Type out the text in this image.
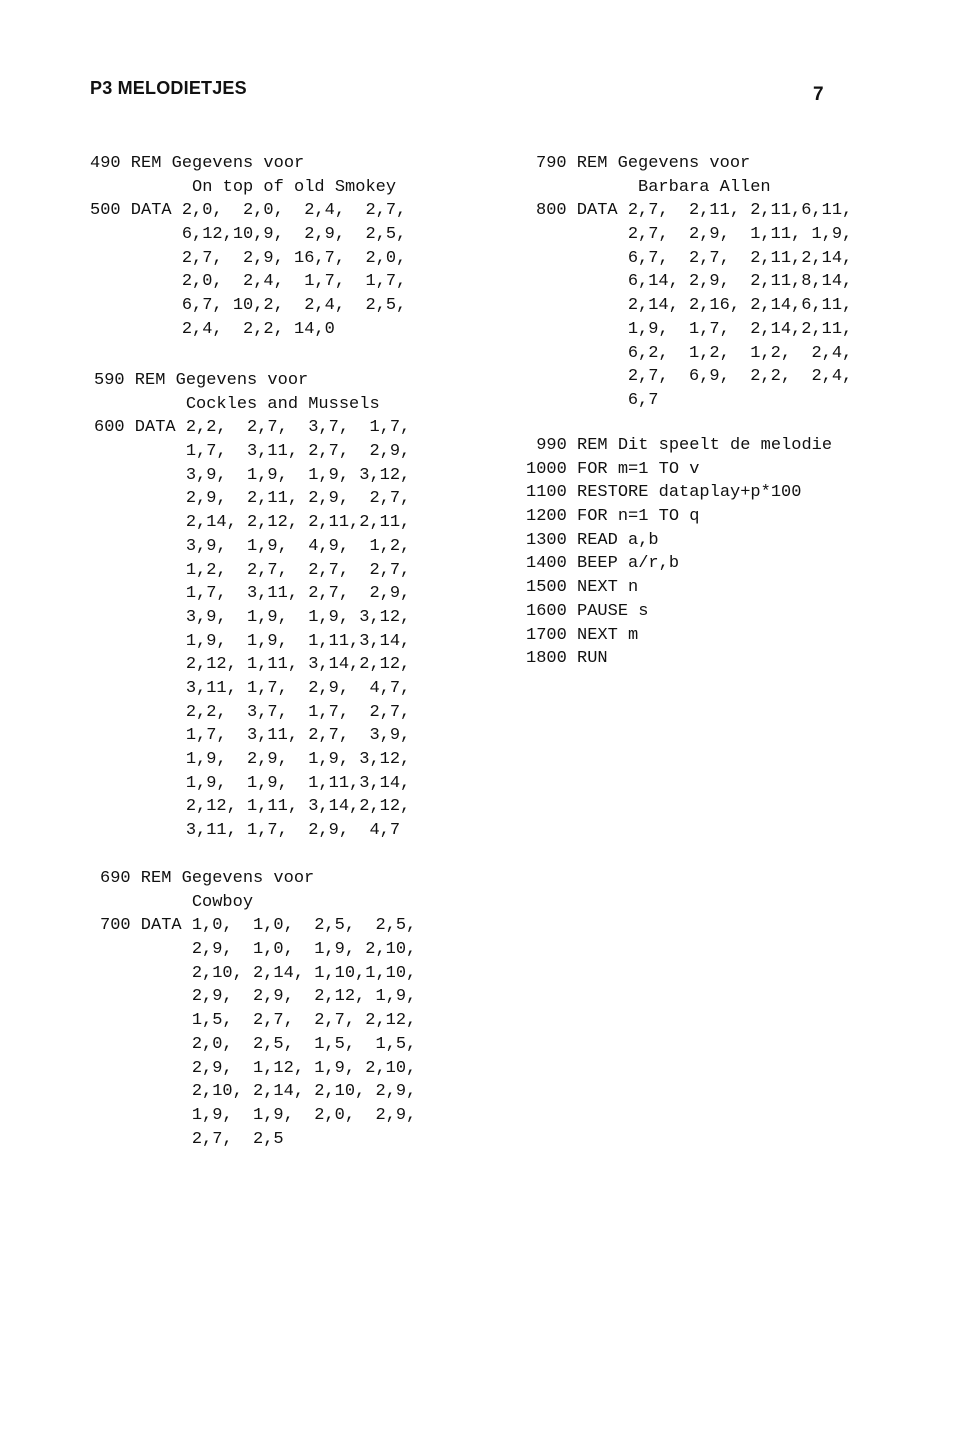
P3 MELODIETJES	7
490 REM Gegevens voor
On top of old Smokey
500 DATA 2,0,  2,0,  2,4,  2,7,
6,12,10,9,  2,9,  2,5,
2,7,  2,9, 16,7,  2,0,
2,0,  2,4,  1,7,  1,7,
6,7, 10,2,  2,4,  2,5,
2,4,  2,2, 14,0
590 REM Gegevens voor
Cockles and Mussels
600 DATA 2,2,  2,7,  3,7,  1,7,
1,7,  3,11, 2,7,  2,9,
3,9,  1,9,  1,9, 3,12,
2,9,  2,11, 2,9,  2,7,
2,14, 2,12, 2,11,2,11,
3,9,  1,9,  4,9,  1,2,
1,2,  2,7,  2,7,  2,7,
1,7,  3,11, 2,7,  2,9,
3,9,  1,9,  1,9, 3,12,
1,9,  1,9,  1,11,3,14,
2,12, 1,11, 3,14,2,12,
3,11, 1,7,  2,9,  4,7,
2,2,  3,7,  1,7,  2,7,
1,7,  3,11, 2,7,  3,9,
1,9,  2,9,  1,9, 3,12,
1,9,  1,9,  1,11,3,14,
2,12, 1,11, 3,14,2,12,
3,11, 1,7,  2,9,  4,7
690 REM Gegevens voor
Cowboy
700 DATA 1,0,  1,0,  2,5,  2,5,
2,9,  1,0,  1,9, 2,10,
2,10, 2,14, 1,10,1,10,
2,9,  2,9,  2,12, 1,9,
1,5,  2,7,  2,7, 2,12,
2,0,  2,5,  1,5,  1,5,
2,9,  1,12, 1,9, 2,10,
2,10, 2,14, 2,10, 2,9,
1,9,  1,9,  2,0,  2,9,
2,7,  2,5
790 REM Gegevens voor
Barbara Allen
800 DATA 2,7,  2,11, 2,11,6,11,
2,7,  2,9,  1,11, 1,9,
6,7,  2,7,  2,11,2,14,
6,14, 2,9,  2,11,8,14,
2,14, 2,16, 2,14,6,11,
1,9,  1,7,  2,14,2,11,
6,2,  1,2,  1,2,  2,4,
2,7,  6,9,  2,2,  2,4,
6,7
990 REM Dit speelt de melodie
1000 FOR m=1 TO v
1100 RESTORE dataplay+p*100
1200 FOR n=1 TO q
1300 READ a,b
1400 BEEP a/r,b
1500 NEXT n
1600 PAUSE s
1700 NEXT m
1800 RUN
